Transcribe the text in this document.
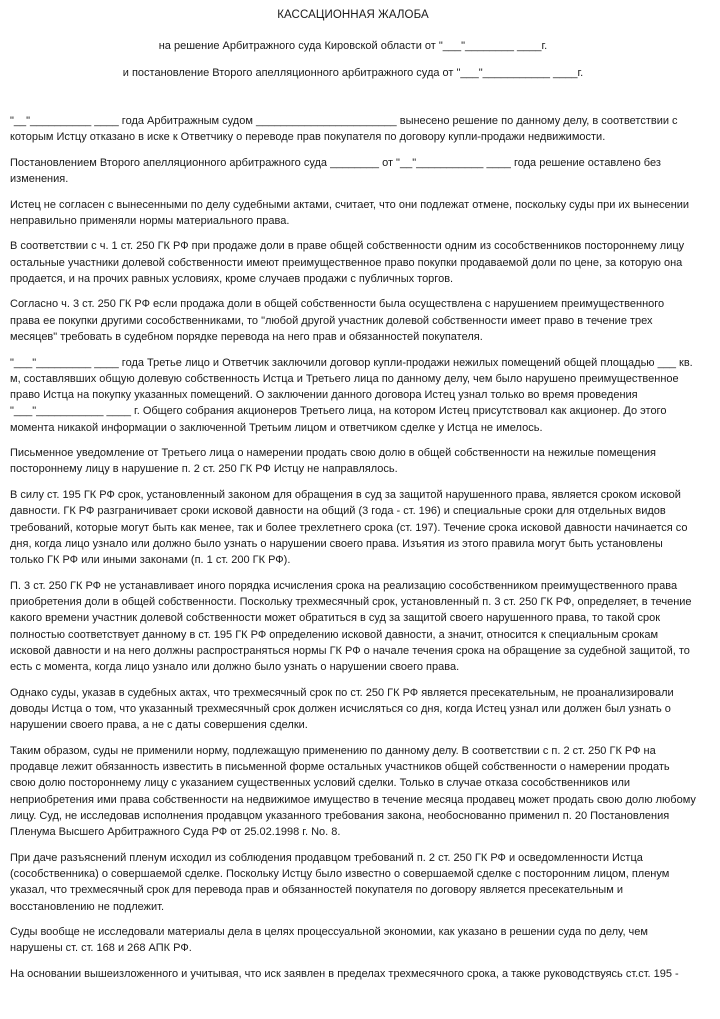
КАССАЦИОННАЯ ЖАЛОБА
на решение Арбитражного суда Кировской области от "___"________ ____г.
и постановление Второго апелляционного арбитражного суда от "___"___________ ____г.

"__"__________ ____ года Арбитражным судом _______________________ вынесено решение по данному делу, в соответствии с которым Истцу отказано в иске к Ответчику о переводе прав покупателя по договору купли-продажи недвижимости.

Постановлением Второго апелляционного арбитражного суда ________ от "__"___________ ____ года решение оставлено без изменения.

Истец не согласен с вынесенными по делу судебными актами, считает, что они подлежат отмене, поскольку суды при их вынесении неправильно применяли нормы материального права.

В соответствии с ч. 1 ст. 250 ГК РФ при продаже доли в праве общей собственности одним из сособственников постороннему лицу остальные участники долевой собственности имеют преимущественное право покупки продаваемой доли по цене, за которую она продается, и на прочих равных условиях, кроме случаев продажи с публичных торгов.

Согласно ч. 3 ст. 250 ГК РФ если продажа доли в общей собственности была осуществлена с нарушением преимущественного права ее покупки другими сособственниками, то "любой другой участник долевой собственности имеет право в течение трех месяцев" требовать в судебном порядке перевода на него прав и обязанностей покупателя.

"___"_________ ____ года Третье лицо и Ответчик заключили договор купли-продажи нежилых помещений общей площадью ___ кв. м, составлявших общую долевую собственность Истца и Третьего лица по данному делу, чем было нарушено преимущественное право Истца на покупку указанных помещений. О заключении данного договора Истец узнал только во время проведения "___"___________ ____ г. Общего собрания акционеров Третьего лица, на котором Истец присутствовал как акционер. До этого момента никакой информации о заключенной Третьим лицом и ответчиком сделке у Истца не имелось.

Письменное уведомление от Третьего лица о намерении продать свою долю в общей собственности на нежилые помещения постороннему лицу в нарушение п. 2 ст. 250 ГК РФ Истцу не направлялось.

В силу ст. 195 ГК РФ срок, установленный законом для обращения в суд за защитой нарушенного права, является сроком исковой давности. ГК РФ разграничивает сроки исковой давности на общий (3 года - ст. 196) и специальные сроки для отдельных видов требований, которые могут быть как менее, так и более трехлетнего срока (ст. 197). Течение срока исковой давности начинается со дня, когда лицо узнало или должно было узнать о нарушении своего права. Изъятия из этого правила могут быть установлены только ГК РФ или иными законами (п. 1 ст. 200 ГК РФ).

П. 3 ст. 250 ГК РФ не устанавливает иного порядка исчисления срока на реализацию сособственником преимущественного права приобретения доли в общей собственности. Поскольку трехмесячный срок, установленный п. 3 ст. 250 ГК РФ, определяет, в течение какого времени участник долевой собственности может обратиться в суд за защитой своего нарушенного права, то такой срок полностью соответствует данному в ст. 195 ГК РФ определению исковой давности, а значит, относится к специальным срокам исковой давности и на него должны распространяться нормы ГК РФ о начале течения срока на обращение за судебной защитой, то есть с момента, когда лицо узнало или должно было узнать о нарушении своего права.

Однако суды, указав в судебных актах, что трехмесячный срок по ст. 250 ГК РФ является пресекательным, не проанализировали доводы Истца о том, что указанный трехмесячный срок должен исчисляться со дня, когда Истец узнал или должен был узнать о нарушении своего права, а не с даты совершения сделки.

Таким образом, суды не применили норму, подлежащую применению по данному делу. В соответствии с п. 2 ст. 250 ГК РФ на продавце лежит обязанность известить в письменной форме остальных участников общей собственности о намерении продать свою долю постороннему лицу с указанием существенных условий сделки. Только в случае отказа сособственников или неприобретения ими права собственности на недвижимое имущество в течение месяца продавец может продать свою долю любому лицу. Суд, не исследовав исполнения продавцом указанного требования закона, необоснованно применил п. 20 Постановления Пленума Высшего Арбитражного Суда РФ от 25.02.1998 г. No. 8.

При даче разъяснений пленум исходил из соблюдения продавцом требований п. 2 ст. 250 ГК РФ и осведомленности Истца (сособственника) о совершаемой сделке. Поскольку Истцу было известно о совершаемой сделке с посторонним лицом, пленум указал, что трехмесячный срок для перевода прав и обязанностей покупателя по договору является пресекательным и восстановлению не подлежит.

Суды вообще не исследовали материалы дела в целях процессуальной экономии, как указано в решении суда по делу, чем нарушены ст. ст. 168 и 268 АПК РФ.

На основании вышеизложенного и учитывая, что иск заявлен в пределах трехмесячного срока, а также руководствуясь ст.ст. 195 -
